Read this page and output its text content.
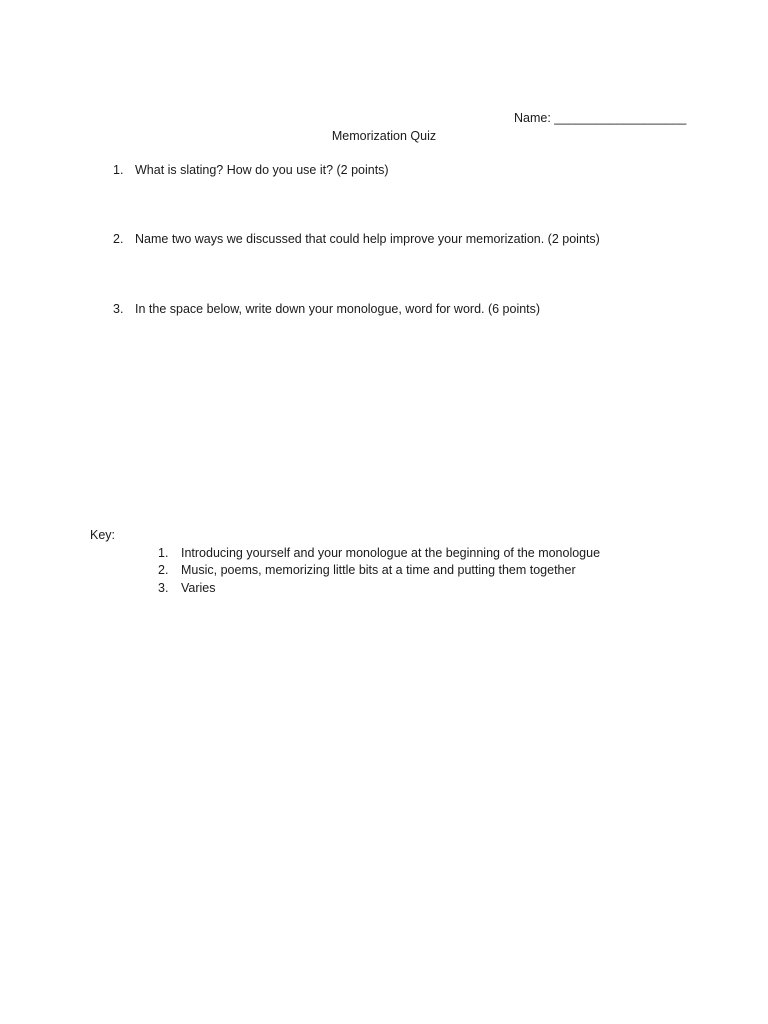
Name: ___________________
Memorization Quiz
1. What is slating? How do you use it? (2 points)
2. Name two ways we discussed that could help improve your memorization. (2 points)
3. In the space below, write down your monologue, word for word. (6 points)
Key:
1.	Introducing yourself and your monologue at the beginning of the monologue
2.	Music, poems, memorizing little bits at a time and putting them together
3.	Varies
